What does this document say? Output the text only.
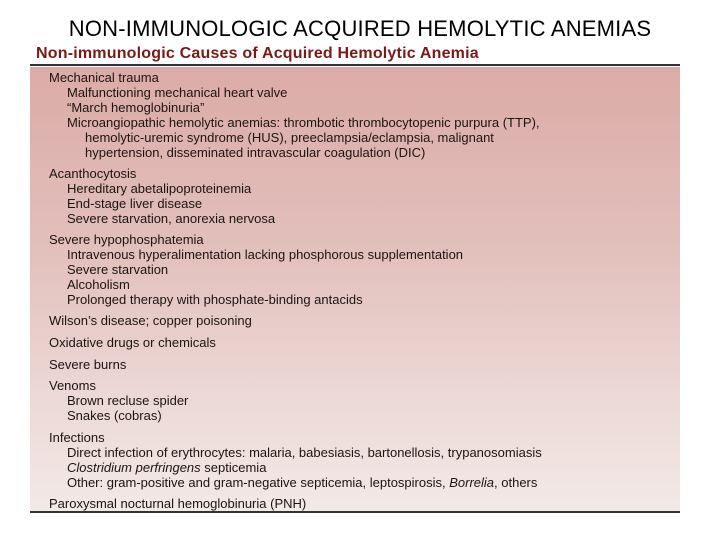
NON-IMMUNOLOGIC ACQUIRED HEMOLYTIC ANEMIAS
Non-immunologic Causes of Acquired Hemolytic Anemia
Mechanical trauma
Malfunctioning mechanical heart valve
“March hemoglobinuria”
Microangiopathic hemolytic anemias: thrombotic thrombocytopenic purpura (TTP),
hemolytic-uremic syndrome (HUS), preeclampsia/eclampsia, malignant
hypertension, disseminated intravascular coagulation (DIC)
Acanthocytosis
Hereditary abetalipoproteinemia
End-stage liver disease
Severe starvation, anorexia nervosa
Severe hypophosphatemia
Intravenous hyperalimentation lacking phosphorous supplementation
Severe starvation
Alcoholism
Prolonged therapy with phosphate-binding antacids
Wilson’s disease; copper poisoning
Oxidative drugs or chemicals
Severe burns
Venoms
Brown recluse spider
Snakes (cobras)
Infections
Direct infection of erythrocytes: malaria, babesiasis, bartonellosis, trypanosomiasis
Clostridium perfringens septicemia
Other: gram-positive and gram-negative septicemia, leptospirosis, Borrelia, others
Paroxysmal nocturnal hemoglobinuria (PNH)
